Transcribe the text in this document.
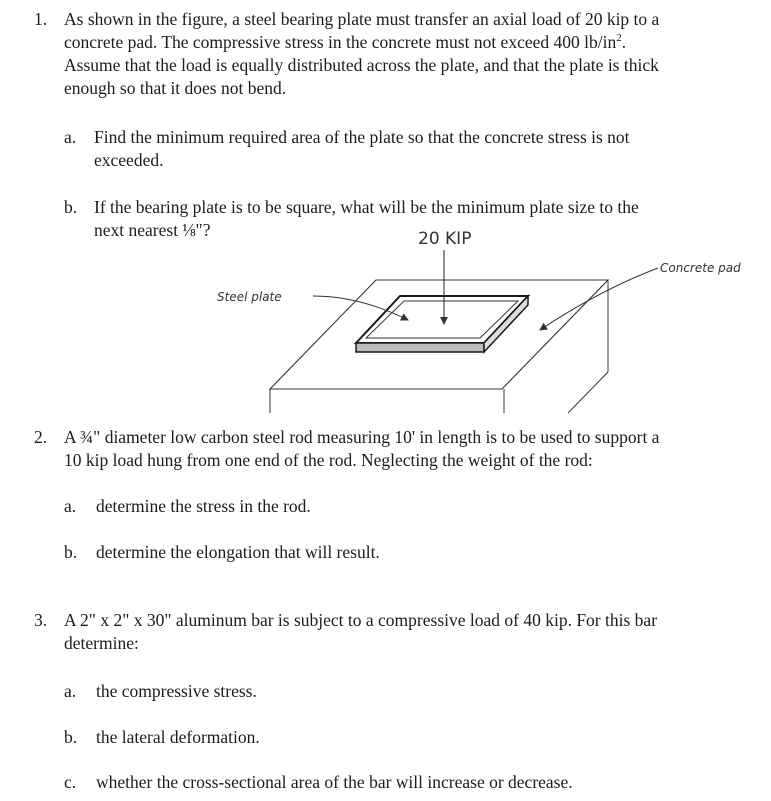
1. As shown in the figure, a steel bearing plate must transfer an axial load of 20 kip to a
concrete pad. The compressive stress in the concrete must not exceed 400 $lb/in^2$.
Assume that the load is equally distributed across the plate, and that the plate is thick
enough so that it does not bend.
a. Find the minimum required area of the plate so that the concrete stress is not
exceeded.
b. If the bearing plate is to be square, what will be the minimum plate size to the
next nearest ⅛"?	20 KIP
Steel plate
Concrete pad
2. A ¾" diameter low carbon steel rod measuring 10' in length is to be used to support a
10 kip load hung from one end of the rod. Neglecting the weight of the rod:
a. determine the stress in the rod.
b. determine the elongation that will result.
3. A 2" x 2" x 30" aluminum bar is subject to a compressive load of 40 kip. For this bar
determine:
a. the compressive stress.
b. the lateral deformation.
c. whether the cross-sectional area of the bar will increase or decrease.
